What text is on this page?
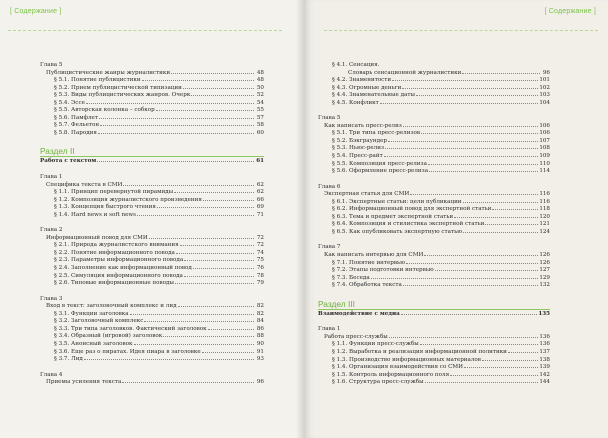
[ Содержание ]
Глава 5
Публицистические жанры журналистики	48
§ 5.1. Понятие публицистики	48
§ 5.2. Прием публицистической типизации	50
§ 5.3. Виды публицистических жанров. Очерк	52
§ 5.4. Эссе	54
§ 5.5. Авторская колонка – собкор	55
§ 5.6. Памфлет	57
§ 5.7. Фельетон	58
§ 5.8. Пародия	60
Раздел II
Работа с текстом	61
Глава 1
Специфика текста в СМИ	62
§ 1.1. Принцип перевернутой пирамиды	62
§ 1.2. Композиция журналистского произведения	66
§ 1.3. Концепция быстрого чтения	69
§ 1.4. Hard news и soft news	71
Глава 2
Информационный повод для СМИ	72
§ 2.1. Природа журналистского внимания	72
§ 2.2. Понятие информационного повода	74
§ 2.3. Параметры информационного повода	75
§ 2.4. Заполнение как информационный повод	76
§ 2.5. Симуляция информационного повода	78
§ 2.6. Типовые информационные поводы	79
Глава 3
Вход в текст: заголовочный комплекс и лид	82
§ 3.1. Функции заголовка	82
§ 3.2. Заголовочный комплекс	84
§ 3.3. Три типа заголовков. Фактический заголовок	86
§ 3.4. Образный (игровой) заголовок	88
§ 3.5. Анонсный заголовок	90
§ 3.6. Еще раз о пиратах. Идея пиара в заголовке	91
§ 3.7. Лид	93
Глава 4
Приемы усиления текста	96
[ Содержание ]
§ 4.1. Сенсация.
Словарь сенсационной журналистики	96
§ 4.2. Знаменитости	101
§ 4.3. Огромные деньги	102
§ 4.4. Знаменательные даты	103
§ 4.5. Конфликт	104
Глава 5
Как написать пресс-релиз	106
§ 5.1. Три типа пресс-релизов	106
§ 5.2. Бэкграундер	107
§ 5.3. Ньюс-релиз	108
§ 5.4. Пресс-райт	109
§ 5.5. Композиция пресс-релиза	110
§ 5.6. Оформление пресс-релиза	114
Глава 6
Экспертная статья для СМИ	116
§ 6.1. Экспертные статьи: цели публикации	116
§ 6.2. Информационный повод для экспертной статьи	118
§ 6.3. Тема и предмет экспертной статьи	120
§ 6.4. Композиция и стилистика экспертной статьи	121
§ 6.5. Как опубликовать экспертную статью	124
Глава 7
Как написать интервью для СМИ	126
§ 7.1. Понятие интервью	126
§ 7.2. Этапы подготовки интервью	127
§ 7.3. Беседа	129
§ 7.4. Обработка текста	132
Раздел III
Взаимодействие с медиа	135
Глава 1
Работа пресс-службы	136
§ 1.1. Функции пресс-службы	136
§ 1.2. Выработка и реализация информационной политики	137
§ 1.3. Производство информационных материалов	138
§ 1.4. Организация взаимодействия со СМИ	139
§ 1.5. Контроль информационного поля	142
§ 1.6. Структура пресс-службы	144
